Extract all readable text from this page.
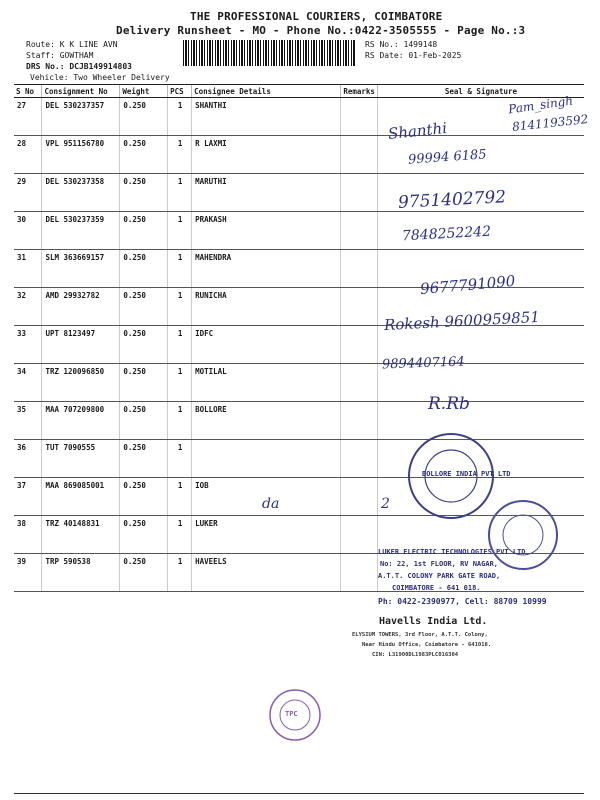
THE PROFESSIONAL COURIERS, COIMBATORE
Delivery Runsheet - MO - Phone No.:0422-3505555 - Page No.:3
Route: K K LINE AVN
Staff: GOWTHAM
DRS No.: DCJB149914803
Vehicle: Two Wheeler Delivery
RS No.: 1499148
RS Date: 01-Feb-2025
S No	Consignment No	Weight	PCS	Consignee Details	Remarks	Seal & Signature
27	DEL 530237357	0.250	1	SHANTHI		
28	VPL 951156780	0.250	1	R LAXMI		
29	DEL 530237358	0.250	1	MARUTHI		
30	DEL 530237359	0.250	1	PRAKASH		
31	SLM 363669157	0.250	1	MAHENDRA		
32	AMD 29932782	0.250	1	RUNICHA		
33	UPT 8123497	0.250	1	IDFC		
34	TRZ 120096850	0.250	1	MOTILAL		
35	MAA 707209800	0.250	1	BOLLORE		
36	TUT 7090555	0.250	1			
37	MAA 869085001	0.250	1	IOB		
38	TRZ 40148831	0.250	1	LUKER		
39	TRP 590538	0.250	1	HAVEELS		
Pam_singh
8141193592
Shanthi
99994 6185
9751402792
7848252242
9677791090
Rokesh 9600959851
9894407164
R.Rb
da	2
BOLLORE INDIA PVT LTD
LUKER ELECTRIC TECHNOLOGIES PVT LTD
No: 22, 1st FLOOR, RV NAGAR,
A.T.T. COLONY PARK GATE ROAD,
COIMBATORE - 641 018.
Ph: 0422-2390977, Cell: 88709 10999
Havells India Ltd.
ELYSIUM TOWERS, 3rd Floor, A.T.T. Colony,
Near Hindu Office, Coimbatore - 641018.
CIN: L31900DL1983PLC016304
TPC
